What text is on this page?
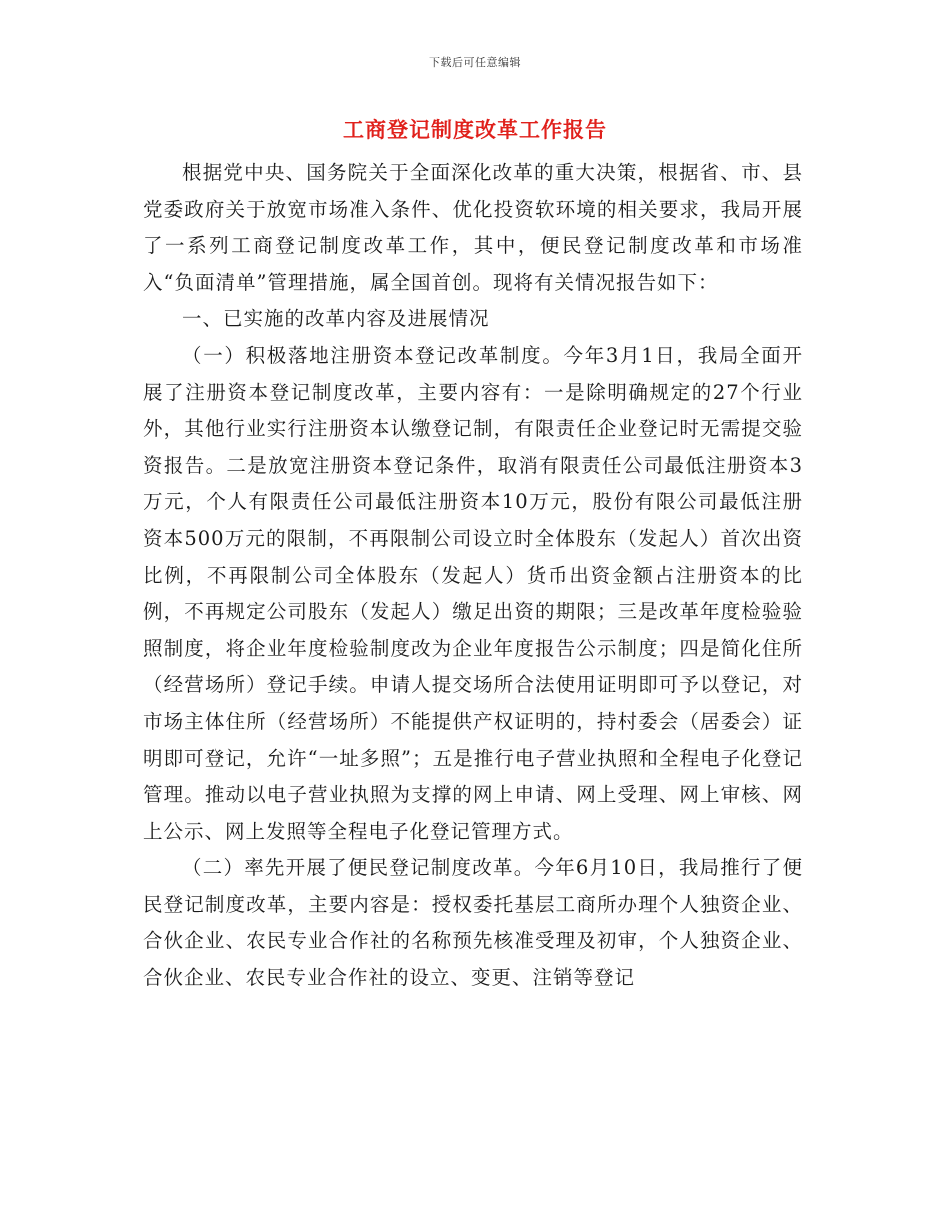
下载后可任意编辑
工商登记制度改革工作报告

根据党中央、国务院关于全面深化改革的重大决策，根据省、市、县党委政府关于放宽市场准入条件、优化投资软环境的相关要求，我局开展了一系列工商登记制度改革工作，其中，便民登记制度改革和市场准入“负面清单”管理措施，属全国首创。现将有关情况报告如下：

一、已实施的改革内容及进展情况

（一）积极落地注册资本登记改革制度。今年3月1日，我局全面开展了注册资本登记制度改革，主要内容有：一是除明确规定的27个行业外，其他行业实行注册资本认缴登记制，有限责任企业登记时无需提交验资报告。二是放宽注册资本登记条件，取消有限责任公司最低注册资本3万元，个人有限责任公司最低注册资本10万元，股份有限公司最低注册资本500万元的限制，不再限制公司设立时全体股东（发起人）首次出资比例，不再限制公司全体股东（发起人）货币出资金额占注册资本的比例，不再规定公司股东（发起人）缴足出资的期限；三是改革年度检验验照制度，将企业年度检验制度改为企业年度报告公示制度；四是简化住所（经营场所）登记手续。申请人提交场所合法使用证明即可予以登记，对市场主体住所（经营场所）不能提供产权证明的，持村委会（居委会）证明即可登记，允许“一址多照”；五是推行电子营业执照和全程电子化登记管理。推动以电子营业执照为支撑的网上申请、网上受理、网上审核、网上公示、网上发照等全程电子化登记管理方式。

（二）率先开展了便民登记制度改革。今年6月10日，我局推行了便民登记制度改革，主要内容是：授权委托基层工商所办理个人独资企业、合伙企业、农民专业合作社的名称预先核准受理及初审，个人独资企业、合伙企业、农民专业合作社的设立、变更、注销等登记
